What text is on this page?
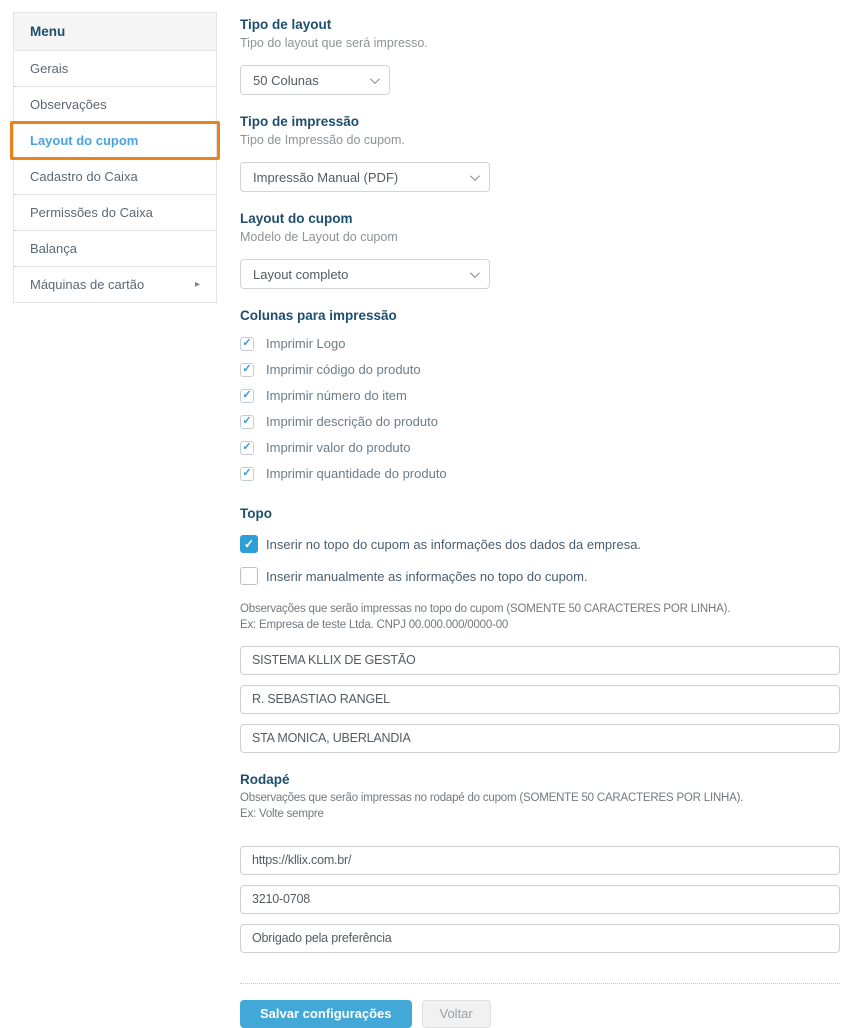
Menu
Gerais
Observações
Layout do cupom
Cadastro do Caixa
Permissões do Caixa
Balança
Máquinas de cartão	▸
Tipo de layout
Tipo do layout que será impresso.
50 Colunas
Tipo de impressão
Tipo de Impressão do cupom.
Impressão Manual (PDF)
Layout do cupom
Modelo de Layout do cupom
Layout completo
Colunas para impressão
✓ Imprimir Logo
✓ Imprimir código do produto
✓ Imprimir número do item
✓ Imprimir descrição do produto
✓ Imprimir valor do produto
✓ Imprimir quantidade do produto
Topo
✓ Inserir no topo do cupom as informações dos dados da empresa.
Inserir manualmente as informações no topo do cupom.
Observações que serão impressas no topo do cupom (SOMENTE 50 CARACTERES POR LINHA).
Ex: Empresa de teste Ltda. CNPJ 00.000.000/0000-00
SISTEMA KLLIX DE GESTÃO
R. SEBASTIAO RANGEL
STA MONICA, UBERLANDIA
Rodapé
Observações que serão impressas no rodapé do cupom (SOMENTE 50 CARACTERES POR LINHA).
Ex: Volte sempre
https://kllix.com.br/
3210-0708
Obrigado pela preferência
Salvar configurações	Voltar
